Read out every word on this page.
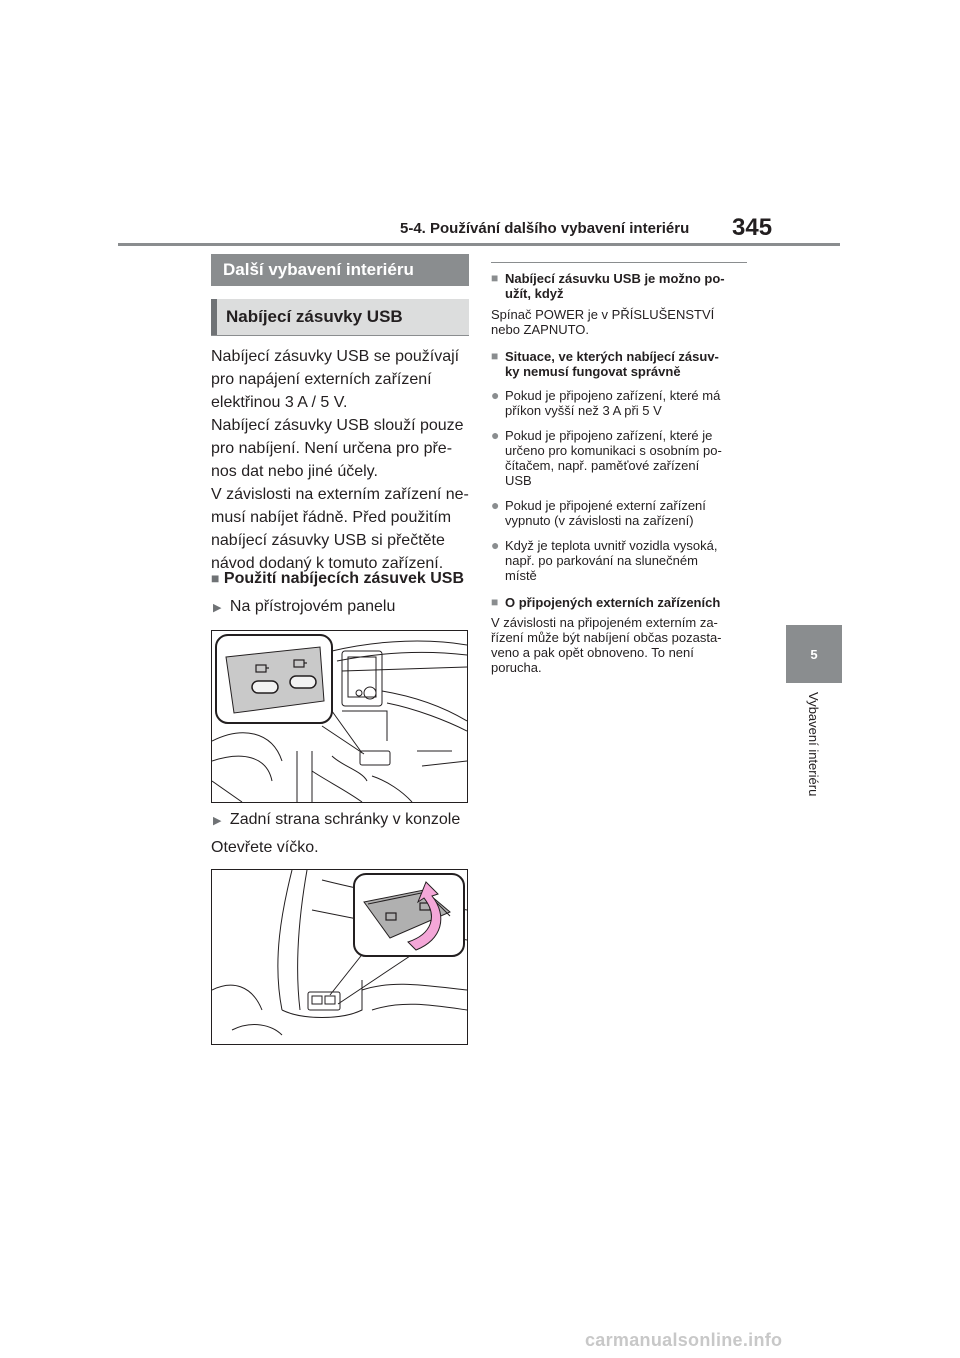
5-4. Používání dalšího vybavení interiéru 345
5
Vybavení interiéru
Další vybavení interiéru
Nabíjecí zásuvky USB
Nabíjecí zásuvky USB se používají
pro napájení externích zařízení
elektřinou 3 A / 5 V.
Nabíjecí zásuvky USB slouží pouze
pro nabíjení. Není určena pro pře-
nos dat nebo jiné účely.
V závislosti na externím zařízení ne-
musí nabíjet řádně. Před použitím
nabíjecí zásuvky USB si přečtěte
návod dodaný k tomuto zařízení.
■ Použití nabíjecích zásuvek USB
▶ Na přístrojovém panelu
▶ Zadní strana schránky v konzole
Otevřete víčko.
■ Nabíjecí zásuvku USB je možno po-
užít, když
Spínač POWER je v PŘÍSLUŠENSTVÍ
nebo ZAPNUTO.
■ Situace, ve kterých nabíjecí zásuv-
ky nemusí fungovat správně
● Pokud je připojeno zařízení, které má
příkon vyšší než 3 A při 5 V
● Pokud je připojeno zařízení, které je
určeno pro komunikaci s osobním po-
čítačem, např. paměťové zařízení
USB
● Pokud je připojené externí zařízení
vypnuto (v závislosti na zařízení)
● Když je teplota uvnitř vozidla vysoká,
např. po parkování na slunečném
místě
■ O připojených externích zařízeních
V závislosti na připojeném externím za-
řízení může být nabíjení občas pozasta-
veno a pak opět obnoveno. To není
porucha.
carmanualsonline.info
